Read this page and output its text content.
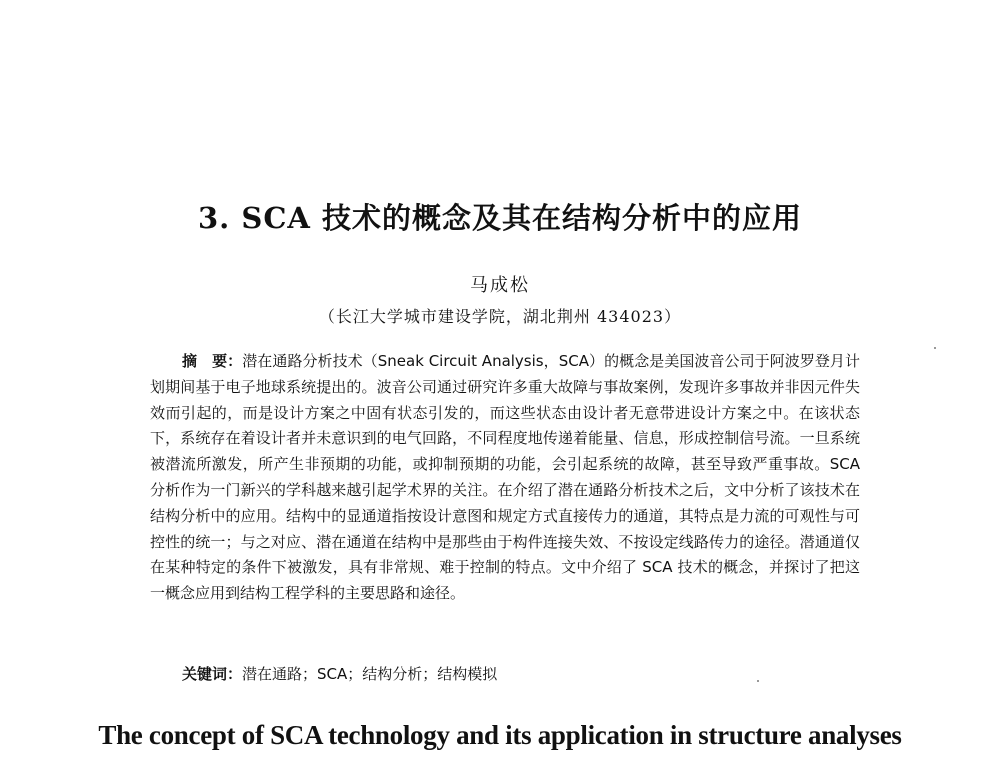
3. SCA 技术的概念及其在结构分析中的应用
马成松
（长江大学城市建设学院，湖北荆州 434023）
摘　要：潜在通路分析技术（Sneak Circuit Analysis，SCA）的概念是美国波音公司于阿波罗登月计划期间基于电子地球系统提出的。波音公司通过研究许多重大故障与事故案例，发现许多事故并非因元件失效而引起的，而是设计方案之中固有状态引发的，而这些状态由设计者无意带进设计方案之中。在该状态下，系统存在着设计者并未意识到的电气回路，不同程度地传递着能量、信息，形成控制信号流。一旦系统被潜流所激发，所产生非预期的功能，或抑制预期的功能，会引起系统的故障，甚至导致严重事故。SCA 分析作为一门新兴的学科越来越引起学术界的关注。在介绍了潜在通路分析技术之后，文中分析了该技术在结构分析中的应用。结构中的显通道指按设计意图和规定方式直接传力的通道，其特点是力流的可观性与可控性的统一；与之对应、潜在通道在结构中是那些由于构件连接失效、不按设定线路传力的途径。潜通道仅在某种特定的条件下被激发，具有非常规、难于控制的特点。文中介绍了 SCA 技术的概念，并探讨了把这一概念应用到结构工程学科的主要思路和途径。
关键词：潜在通路；SCA；结构分析；结构模拟
The concept of SCA technology and its application in structure analyses
